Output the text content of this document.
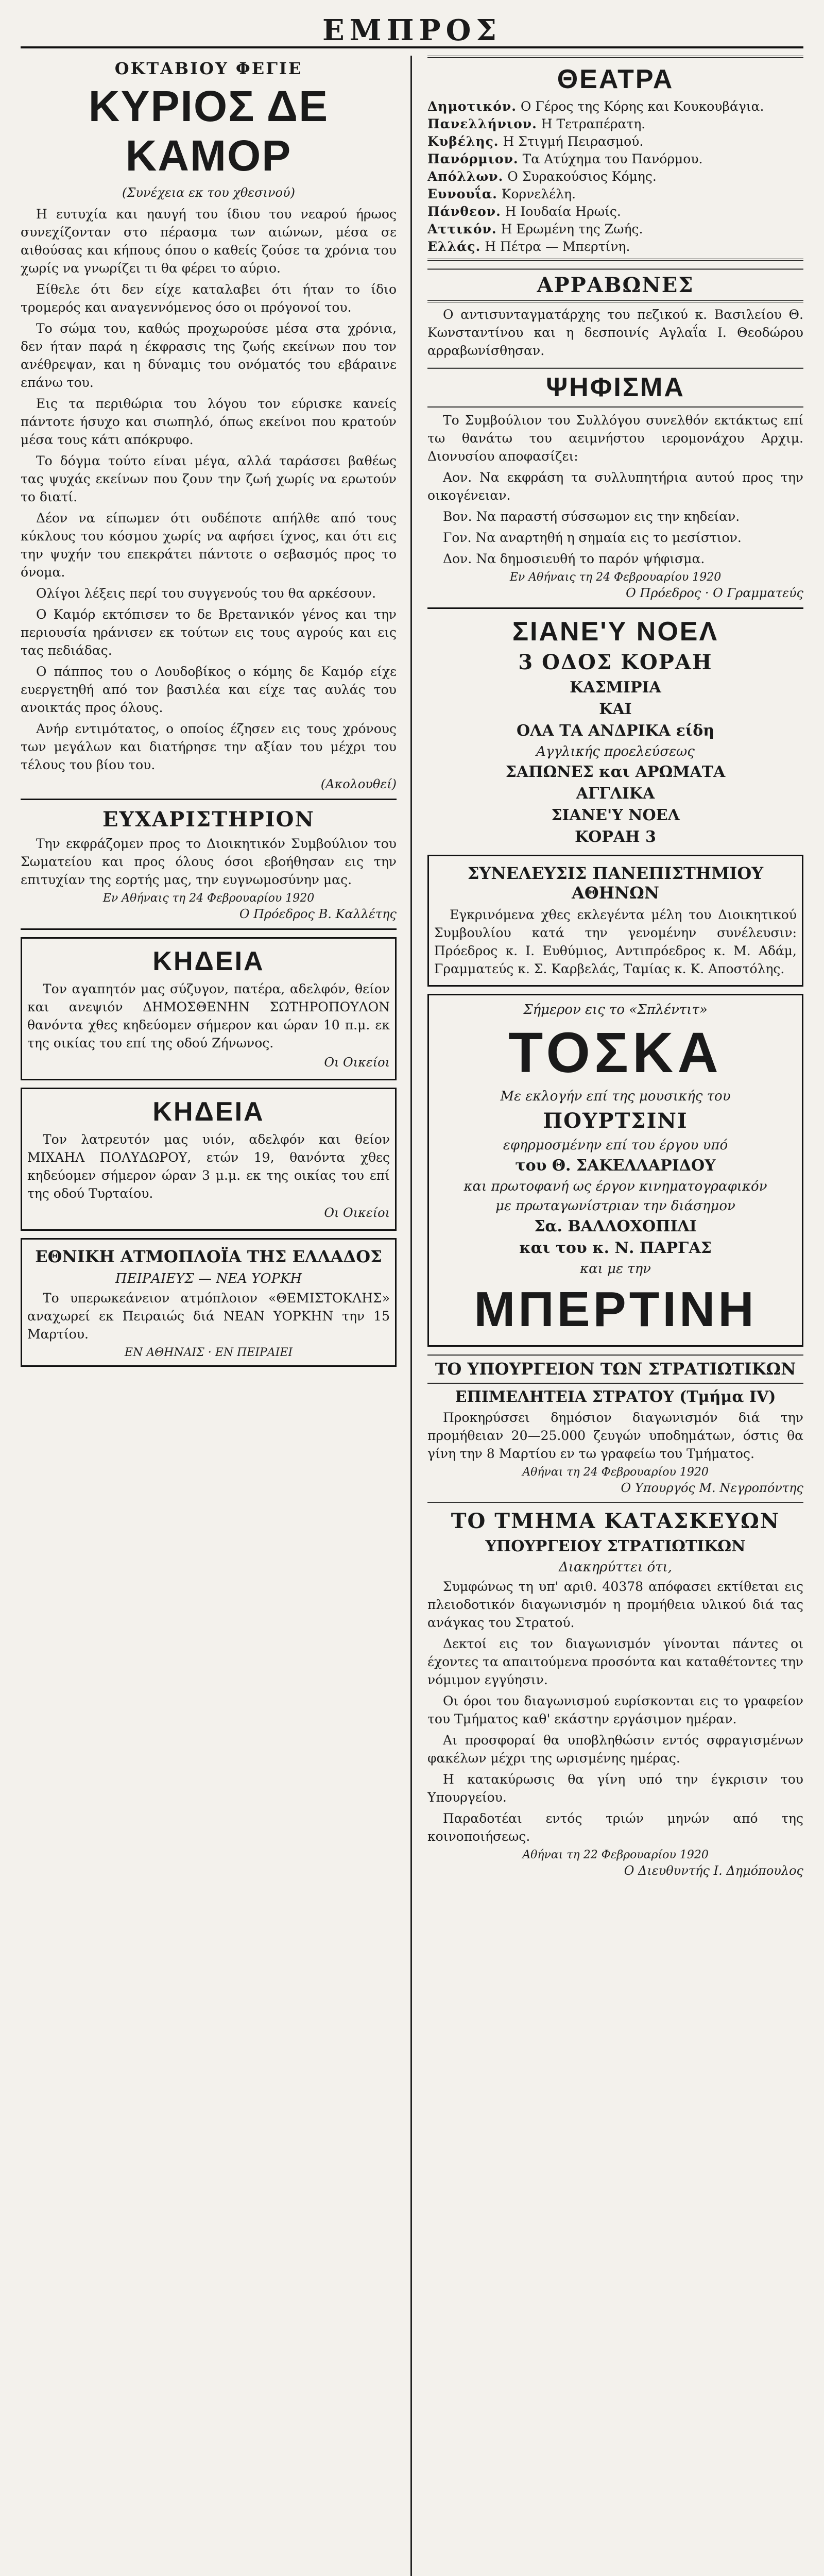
ΕΜΠΡΟΣ
ΟΚΤΑΒΙΟΥ ΦΕΓΙΕ
ΚΥΡΙΟΣ ΔΕ ΚΑΜΟΡ
(Συνέχεια εκ του χθεσινού)

Η ευτυχία και ηαυγή του ίδιου του νεαρού ήρωος συνεχίζονταν στο πέρασμα των αιώνων, μέσα σε αιθούσας και κήπους όπου ο καθείς ζούσε τα χρόνια του χωρίς να γνωρίζει τι θα φέρει το αύριο.

Είθελε ότι δεν είχε καταλαβει ότι ήταν το ίδιο τρομερός και αναγεννόμενος όσο οι πρόγονοί του.

Το σώμα του, καθώς προχωρούσε μέσα στα χρόνια, δεν ήταν παρά η έκφρασις της ζωής εκείνων που τον ανέθρεψαν, και η δύναμις του ονόματός του εβάραινε επάνω του.

Εις τα περιθώρια του λόγου τον εύρισκε κανείς πάντοτε ήσυχο και σιωπηλό, όπως εκείνοι που κρατούν μέσα τους κάτι απόκρυφο.

Το δόγμα τούτο είναι μέγα, αλλά ταράσσει βαθέως τας ψυχάς εκείνων που ζουν την ζωή χωρίς να ερωτούν το διατί.

Δέον να είπωμεν ότι ουδέποτε απήλθε από τους κύκλους του κόσμου χωρίς να αφήσει ίχνος, και ότι εις την ψυχήν του επεκράτει πάντοτε ο σεβασμός προς το όνομα.

Ολίγοι λέξεις περί του συγγενούς του θα αρκέσουν.

Ο Καμόρ εκτόπισεν το δε Βρετανικόν γένος και την περιουσία ηράνισεν εκ τούτων εις τους αγρούς και εις τας πεδιάδας.

Ο πάππος του ο Λουδοβίκος ο κόμης δε Καμόρ είχε ευεργετηθή από τον βασιλέα και είχε τας αυλάς του ανοικτάς προς όλους.

Ανήρ εντιμότατος, ο οποίος έζησεν εις τους χρόνους των μεγάλων και διατήρησε την αξίαν του μέχρι του τέλους του βίου του.

(Ακολουθεί)
ΕΥΧΑΡΙΣΤΗΡΙΟΝ

Την εκφράζομεν προς το Διοικητικόν Συμβούλιον του Σωματείου και προς όλους όσοι εβοήθησαν εις την επιτυχίαν της εορτής μας, την ευγνωμοσύνην μας.

Εν Αθήναις τη 24 Φεβρουαρίου 1920
Ο Πρόεδρος Β. Καλλέτης
ΚΗΔΕΙΑ

Τον αγαπητόν μας σύζυγον, πατέρα, αδελφόν, θείον και ανεψιόν ΔΗΜΟΣΘΕΝΗΝ ΣΩΤΗΡΟΠΟΥΛΟΝ θανόντα χθες κηδεύομεν σήμερον και ώραν 10 π.μ. εκ της οικίας του επί της οδού Ζήνωνος.

Οι Οικείοι
ΚΗΔΕΙΑ

Τον λατρευτόν μας υιόν, αδελφόν και θείον ΜΙΧΑΗΛ ΠΟΛΥΔΩΡΟΥ, ετών 19, θανόντα χθες κηδεύομεν σήμερον ώραν 3 μ.μ. εκ της οικίας του επί της οδού Τυρταίου.

Οι Οικείοι
ΕΘΝΙΚΗ ΑΤΜΟΠΛΟΪΑ ΤΗΣ ΕΛΛΑΔΟΣ
ΠΕΙΡΑΙΕΥΣ — ΝΕΑ ΥΟΡΚΗ

Το υπερωκεάνειον ατμόπλοιον «ΘΕΜΙΣΤΟΚΛΗΣ» αναχωρεί εκ Πειραιώς διά ΝΕΑΝ ΥΟΡΚΗΝ την 15 Μαρτίου.

ΕΝ ΑΘΗΝΑΙΣ · ΕΝ ΠΕΙΡΑΙΕΙ
ΘΕΑΤΡΑ

Δημοτικόν. Ο Γέρος της Κόρης και Κουκουβάγια.

Πανελλήνιον. Η Τετραπέρατη.

Κυβέλης. Η Στιγμή Πειρασμού.

Πανόρμιον. Τα Ατύχημα του Πανόρμου.

Απόλλων. Ο Συρακούσιος Κόμης.

Ευνουΐα. Κορνελέλη.

Πάνθεον. Η Ιουδαία Ηρωίς.

Αττικόν. Η Ερωμένη της Ζωής.

Ελλάς. Η Πέτρα — Μπερτίνη.

ΑΡΡΑΒΩΝΕΣ

Ο αντισυνταγματάρχης του πεζικού κ. Βασιλείου Θ. Κωνσταντίνου και η δεσποινίς Αγλαΐα Ι. Θεοδώρου αρραβωνίσθησαν.

ΨΗΦΙΣΜΑ

Το Συμβούλιον του Συλλόγου συνελθόν εκτάκτως επί τω θανάτω του αειμνήστου ιερομονάχου Αρχιμ. Διονυσίου αποφασίζει:

Αον. Να εκφράση τα συλλυπητήρια αυτού προς την οικογένειαν.

Βον. Να παραστή σύσσωμον εις την κηδείαν.

Γον. Να αναρτηθή η σημαία εις το μεσίστιον.

Δον. Να δημοσιευθή το παρόν ψήφισμα.

Εν Αθήναις τη 24 Φεβρουαρίου 1920
Ο Πρόεδρος · Ο Γραμματεύς
ΣΙΑΝΕ'Υ ΝΟΕΛ
3 ΟΔΟΣ ΚΟΡΑΗ
ΚΑΣΜΙΡΙΑ
ΚΑΙ
ΟΛΑ ΤΑ ΑΝΔΡΙΚΑ είδη
Αγγλικής προελεύσεως
ΣΑΠΩΝΕΣ και ΑΡΩΜΑΤΑ
ΑΓΓΛΙΚΑ
ΣΙΑΝΕ'Υ ΝΟΕΛ
ΚΟΡΑΗ 3
ΣΥΝΕΛΕΥΣΙΣ ΠΑΝΕΠΙΣΤΗΜΙΟΥ ΑΘΗΝΩΝ

Εγκρινόμενα χθες εκλεγέντα μέλη του Διοικητικού Συμβουλίου κατά την γενομένην συνέλευσιν: Πρόεδρος κ. Ι. Ευθύμιος, Αντιπρόεδρος κ. Μ. Αδάμ, Γραμματεύς κ. Σ. Καρβελάς, Ταμίας κ. Κ. Αποστόλης.

Σήμερον εις το «Σπλέντιτ»
ΤΟΣΚΑ
Με εκλογήν επί της μουσικής του
ΠΟΥΡΤΣΙΝΙ
εφηρμοσμένην επί του έργου υπό
του Θ. ΣΑΚΕΛΛΑΡΙΔΟΥ
και πρωτοφανή ως έργον κινηματογραφικόν
με πρωταγωνίστριαν την διάσημον
Σα. ΒΑΛΛΟΧΟΠΙΛΙ
και του κ. Ν. ΠΑΡΓΑΣ
και με την
ΜΠΕΡΤΙΝΗ
ΤΟ ΥΠΟΥΡΓΕΙΟΝ ΤΩΝ ΣΤΡΑΤΙΩΤΙΚΩΝ
ΕΠΙΜΕΛΗΤΕΙΑ ΣΤΡΑΤΟΥ (Τμήμα IV)

Προκηρύσσει δημόσιον διαγωνισμόν διά την προμήθειαν 20—25.000 ζευγών υποδημάτων, όστις θα γίνη την 8 Μαρτίου εν τω γραφείω του Τμήματος.

Αθήναι τη 24 Φεβρουαρίου 1920
Ο Υπουργός Μ. Νεγροπόντης
ΤΟ ΤΜΗΜΑ ΚΑΤΑΣΚΕΥΩΝ
ΥΠΟΥΡΓΕΙΟΥ ΣΤΡΑΤΙΩΤΙΚΩΝ
Διακηρύττει ότι,

Συμφώνως τη υπ' αριθ. 40378 απόφασει εκτίθεται εις πλειοδοτικόν διαγωνισμόν η προμήθεια υλικού διά τας ανάγκας του Στρατού.

Δεκτοί εις τον διαγωνισμόν γίνονται πάντες οι έχοντες τα απαιτούμενα προσόντα και καταθέτοντες την νόμιμον εγγύησιν.

Οι όροι του διαγωνισμού ευρίσκονται εις το γραφείον του Τμήματος καθ' εκάστην εργάσιμον ημέραν.

Αι προσφοραί θα υποβληθώσιν εντός σφραγισμένων φακέλων μέχρι της ωρισμένης ημέρας.

Η κατακύρωσις θα γίνη υπό την έγκρισιν του Υπουργείου.

Παραδοτέαι εντός τριών μηνών από της κοινοποιήσεως.

Αθήναι τη 22 Φεβρουαρίου 1920
Ο Διευθυντής Ι. Δημόπουλος
